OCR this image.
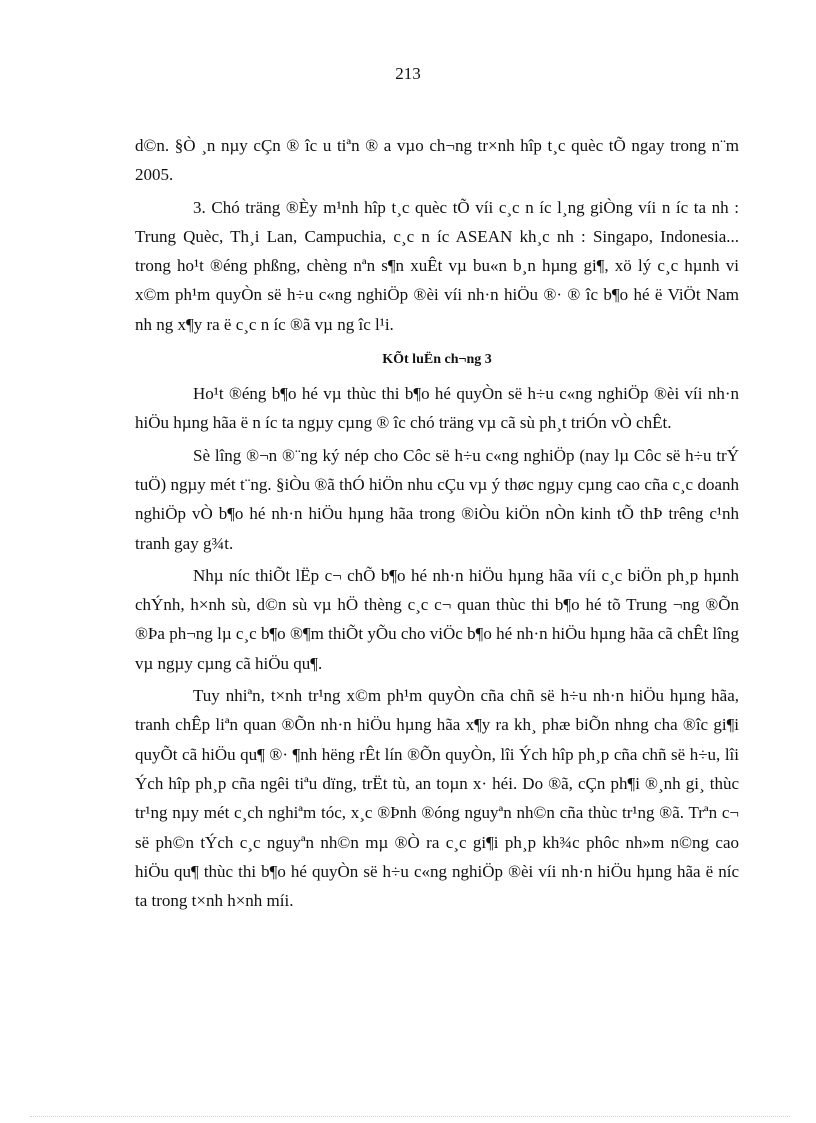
213

d©n. §Ò ¸n nµy cÇn ® îc u tiªn ® a vµo ch¬ng tr×nh hîp t¸c quèc tÕ ngay trong n¨m 2005.

3. Chó träng ®Èy m¹nh hîp t¸c quèc tÕ víi c¸c n íc l¸ng giÒng víi n íc ta nh : Trung Quèc, Th¸i Lan, Campuchia, c¸c n íc ASEAN kh¸c nh : Singapo, Indonesia... trong ho¹t ®éng phßng, chèng nªn s¶n xuÊt vµ bu«n b¸n hµng gi¶, xö lý c¸c hµnh vi x©m ph¹m quyÒn së h÷u c«ng nghiÖp ®èi víi nh·n hiÖu ®· ® îc b¶o hé ë ViÖt Nam nh ng x¶y ra ë c¸c n íc ®ã vµ ng îc l¹i.

KÕt luËn ch¬ng 3

Ho¹t ®éng b¶o hé vµ thùc thi b¶o hé quyÒn së h÷u c«ng nghiÖp ®èi víi nh·n hiÖu hµng hãa ë n íc ta ngµy cµng ® îc chó träng vµ cã sù ph¸t triÓn vÒ chÊt.

Sè lîng ®¬n ®¨ng ký nép cho Côc së h÷u c«ng nghiÖp (nay lµ Côc së h÷u trÝ tuÖ) ngµy mét t¨ng. §iÒu ®ã thÓ hiÖn nhu cÇu vµ ý thøc ngµy cµng cao cña c¸c doanh nghiÖp vÒ b¶o hé nh·n hiÖu hµng hãa trong ®iÒu kiÖn nÒn kinh tÕ thÞ trêng c¹nh tranh gay g¾t.

Nhµ níc thiÕt lËp c¬ chÕ b¶o hé nh·n hiÖu hµng hãa víi c¸c biÖn ph¸p hµnh chÝnh, h×nh sù, d©n sù vµ hÖ thèng c¸c c¬ quan thùc thi b¶o hé tõ Trung ¬ng ®Õn ®Þa ph¬ng lµ c¸c b¶o ®¶m thiÕt yÕu cho viÖc b¶o hé nh·n hiÖu hµng hãa cã chÊt lîng vµ ngµy cµng cã hiÖu qu¶.

Tuy nhiªn, t×nh tr¹ng x©m ph¹m quyÒn cña chñ së h÷u nh·n hiÖu hµng hãa, tranh chÊp liªn quan ®Õn nh·n hiÖu hµng hãa x¶y ra kh¸ phæ biÕn nhng cha ®îc gi¶i quyÕt cã hiÖu qu¶ ®· ¶nh hëng rÊt lín ®Õn quyÒn, lîi Ých hîp ph¸p cña chñ së h÷u, lîi Ých hîp ph¸p cña ngêi tiªu dïng, trËt tù, an toµn x· héi. Do ®ã, cÇn ph¶i ®¸nh gi¸ thùc tr¹ng nµy mét c¸ch nghiªm tóc, x¸c ®Þnh ®óng nguyªn nh©n cña thùc tr¹ng ®ã. Trªn c¬ së ph©n tÝch c¸c nguyªn nh©n mµ ®Ò ra c¸c gi¶i ph¸p kh¾c phôc nh»m n©ng cao hiÖu qu¶ thùc thi b¶o hé quyÒn së h÷u c«ng nghiÖp ®èi víi nh·n hiÖu hµng hãa ë níc ta trong t×nh h×nh míi.
